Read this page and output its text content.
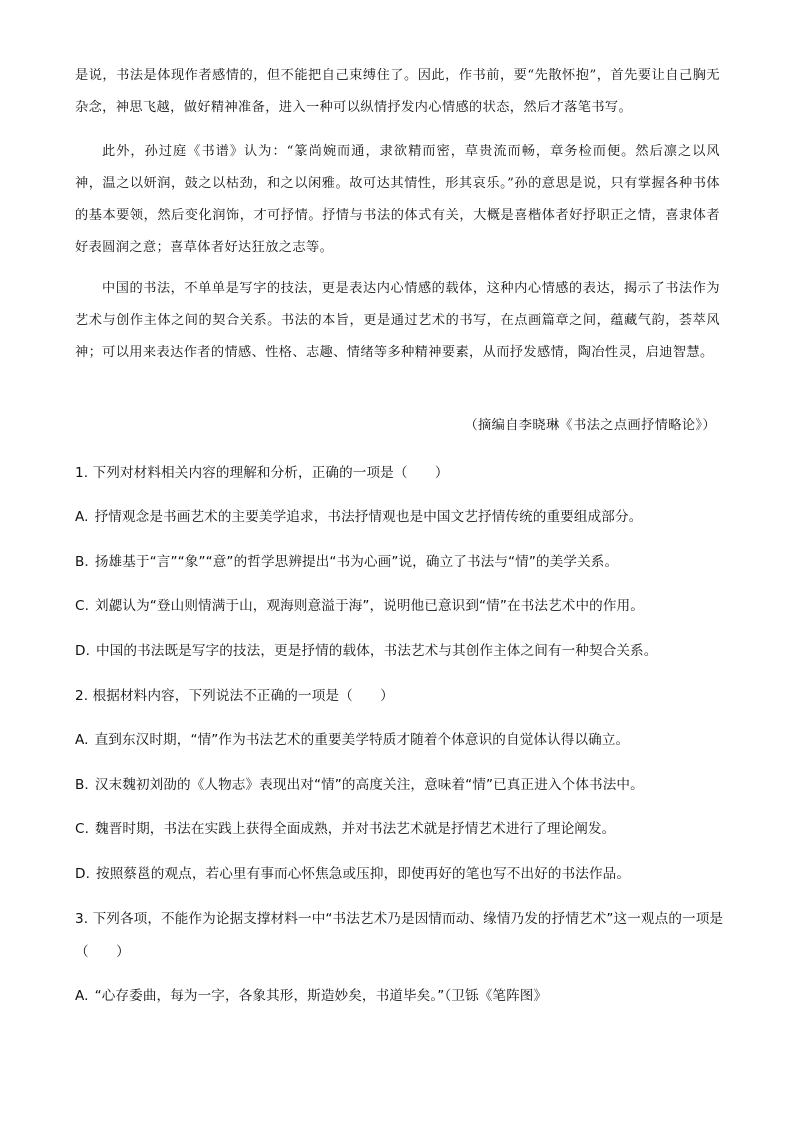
是说，书法是体现作者感情的，但不能把自己束缚住了。因此，作书前，要“先散怀抱”，首先要让自己胸无杂念，神思飞越，做好精神准备，进入一种可以纵情抒发内心情感的状态，然后才落笔书写。

此外，孙过庭《书谱》认为：“篆尚婉而通，隶欲精而密，草贵流而畅，章务检而便。然后凛之以风神，温之以妍润，鼓之以枯劲，和之以闲雅。故可达其情性，形其哀乐。”孙的意思是说，只有掌握各种书体的基本要领，然后变化润饰，才可抒情。抒情与书法的体式有关，大概是喜楷体者好抒职正之情，喜隶体者好表圆润之意；喜草体者好达狂放之志等。

中国的书法，不单单是写字的技法，更是表达内心情感的载体，这种内心情感的表达，揭示了书法作为艺术与创作主体之间的契合关系。书法的本旨，更是通过艺术的书写，在点画篇章之间，蕴藏气韵，荟萃风神；可以用来表达作者的情感、性格、志趣、情绪等多种精神要素，从而抒发感情，陶冶性灵，启迪智慧。

（摘编自李晓琳《书法之点画抒情略论》）

1. 下列对材料相关内容的理解和分析，正确的一项是（　　）

A. 抒情观念是书画艺术的主要美学追求，书法抒情观也是中国文艺抒情传统的重要组成部分。

B. 扬雄基于“言”“象”“意”的哲学思辨提出“书为心画”说，确立了书法与“情”的美学关系。

C. 刘勰认为“登山则情满于山，观海则意溢于海”，说明他已意识到“情”在书法艺术中的作用。

D. 中国的书法既是写字的技法，更是抒情的载体，书法艺术与其创作主体之间有一种契合关系。

2. 根据材料内容，下列说法不正确的一项是（　　）

A. 直到东汉时期，“情”作为书法艺术的重要美学特质才随着个体意识的自觉体认得以确立。

B. 汉末魏初刘劭的《人物志》表现出对“情”的高度关注，意味着“情”已真正进入个体书法中。

C. 魏晋时期，书法在实践上获得全面成熟，并对书法艺术就是抒情艺术进行了理论阐发。

D. 按照蔡邕的观点，若心里有事而心怀焦急或压抑，即使再好的笔也写不出好的书法作品。

3. 下列各项，不能作为论据支撑材料一中“书法艺术乃是因情而动、缘情乃发的抒情艺术”这一观点的一项是（　　）

A. “心存委曲，每为一字，各象其形，斯造妙矣，书道毕矣。”（卫铄《笔阵图》
